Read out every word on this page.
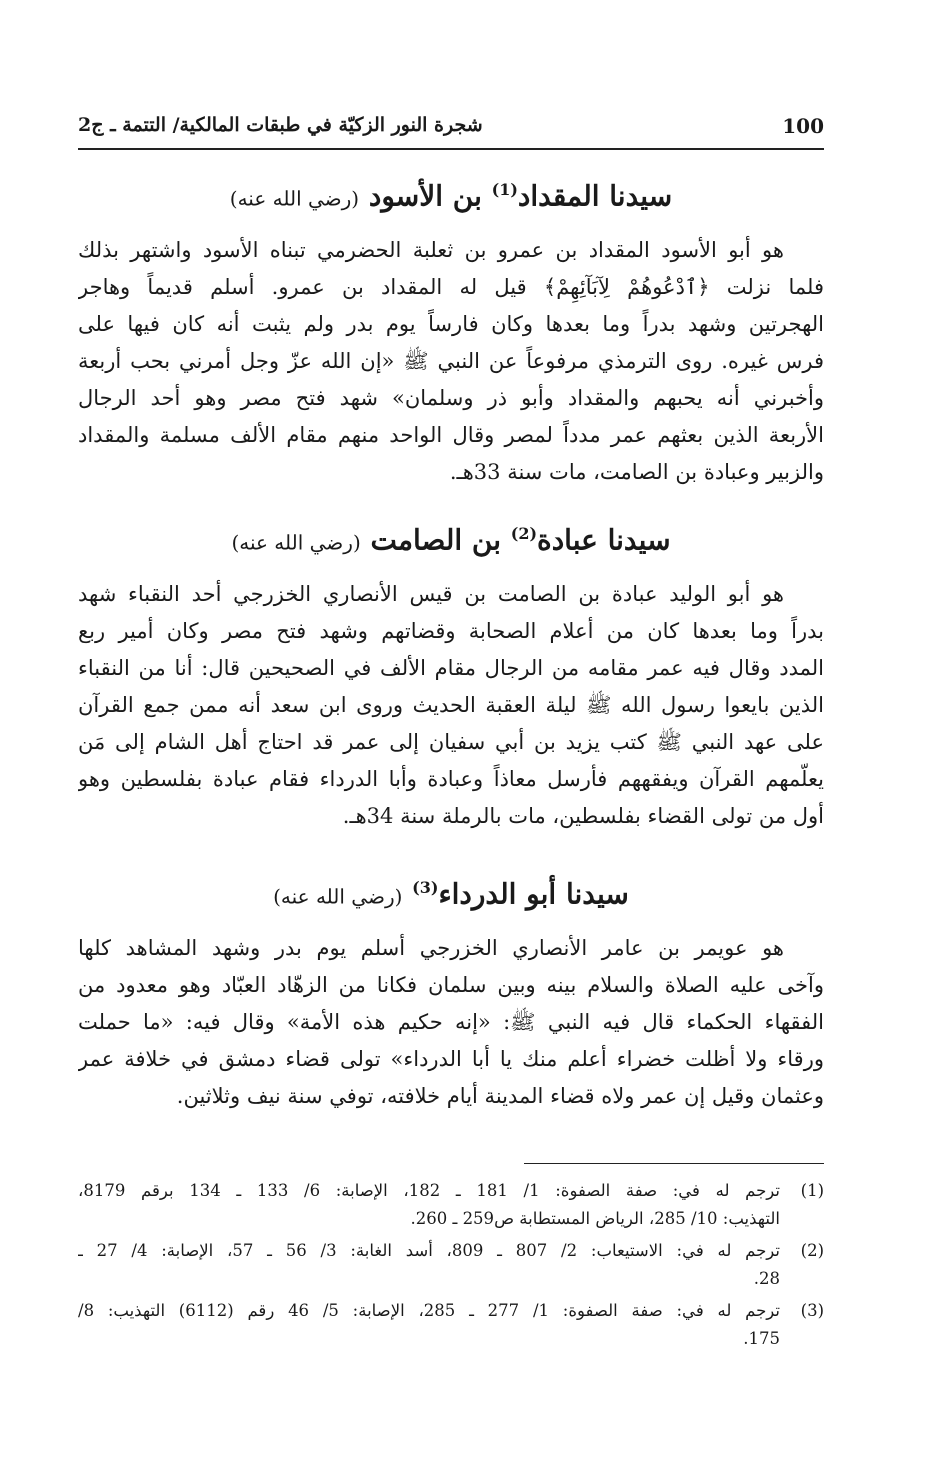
شجرة النور الزكيّة في طبقات المالكية/ التتمة ـ ج2	100
سيدنا المقداد$^{(1)}$ بن الأسود (رضي الله عنه)
هو أبو الأسود المقداد بن عمرو بن ثعلبة الحضرمي تبناه الأسود واشتهر بذلك
فلما نزلت ﴿ٱدْعُوهُمْ لِآبَآئِهِمْ﴾ قيل له المقداد بن عمرو. أسلم قديماً وهاجر
الهجرتين وشهد بدراً وما بعدها وكان فارساً يوم بدر ولم يثبت أنه كان فيها على
فرس غيره. روى الترمذي مرفوعاً عن النبي ﷺ «إن الله عزّ وجل أمرني بحب أربعة
وأخبرني أنه يحبهم والمقداد وأبو ذر وسلمان» شهد فتح مصر وهو أحد الرجال
الأربعة الذين بعثهم عمر مدداً لمصر وقال الواحد منهم مقام الألف مسلمة والمقداد
والزبير وعبادة بن الصامت، مات سنة 33هـ.
سيدنا عبادة$^{(2)}$ بن الصامت (رضي الله عنه)
هو أبو الوليد عبادة بن الصامت بن قيس الأنصاري الخزرجي أحد النقباء شهد
بدراً وما بعدها كان من أعلام الصحابة وقضاتهم وشهد فتح مصر وكان أمير ربع
المدد وقال فيه عمر مقامه من الرجال مقام الألف في الصحيحين قال: أنا من النقباء
الذين بايعوا رسول الله ﷺ ليلة العقبة الحديث وروى ابن سعد أنه ممن جمع القرآن
على عهد النبي ﷺ كتب يزيد بن أبي سفيان إلى عمر قد احتاج أهل الشام إلى مَن
يعلّمهم القرآن ويفقههم فأرسل معاذاً وعبادة وأبا الدرداء فقام عبادة بفلسطين وهو
أول من تولى القضاء بفلسطين، مات بالرملة سنة 34هـ.
سيدنا أبو الدرداء$^{(3)}$ (رضي الله عنه)
هو عويمر بن عامر الأنصاري الخزرجي أسلم يوم بدر وشهد المشاهد كلها
وآخى عليه الصلاة والسلام بينه وبين سلمان فكانا من الزهّاد العبّاد وهو معدود من
الفقهاء الحكماء قال فيه النبي ﷺ: «إنه حكيم هذه الأمة» وقال فيه: «ما حملت
ورقاء ولا أظلت خضراء أعلم منك يا أبا الدرداء» تولى قضاء دمشق في خلافة عمر
وعثمان وقيل إن عمر ولاه قضاء المدينة أيام خلافته، توفي سنة نيف وثلاثين.
(1)
ترجم له في: صفة الصفوة: 1/ 181 ـ 182، الإصابة: 6/ 133 ـ 134 برقم 8179،
التهذيب: 10/ 285، الرياض المستطابة ص259 ـ 260.
(2)
ترجم له في: الاستيعاب: 2/ 807 ـ 809، أسد الغابة: 3/ 56 ـ 57، الإصابة: 4/ 27 ـ
28.
(3)
ترجم له في: صفة الصفوة: 1/ 277 ـ 285، الإصابة: 5/ 46 رقم (6112) التهذيب: 8/
175.
